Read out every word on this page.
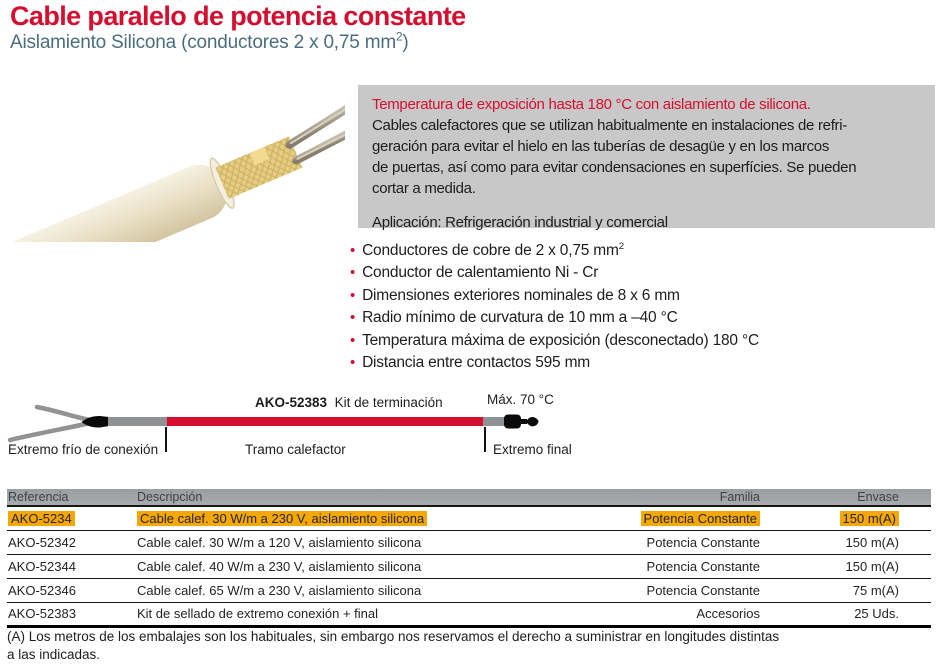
Cable paralelo de potencia constante
Aislamiento Silicona (conductores 2 x 0,75 $mm^2$)
Temperatura de exposición hasta 180 °C con aislamiento de silicona.
Cables calefactores que se utilizan habitualmente en instalaciones de refri-
geración para evitar el hielo en las tuberías de desagüe y en los marcos
de puertas, así como para evitar condensaciones en superfícies. Se pueden
cortar a medida.
Aplicación: Refrigeración industrial y comercial
• Conductores de cobre de 2 x 0,75 $mm^2$
• Conductor de calentamiento Ni - Cr
• Dimensiones exteriores nominales de 8 x 6 mm
• Radio mínimo de curvatura de 10 mm a –40 °C
• Temperatura máxima de exposición (desconectado) 180 °C
• Distancia entre contactos 595 mm
AKO-52383 Kit de terminación	Máx. 70 °C
Extremo frío de conexión	Tramo calefactor	Extremo final
Referencia	Descripción	Familia	Envase
AKO-5234	Cable calef. 30 W/m a 230 V, aislamiento silicona	Potencia Constante	150 m(A)
AKO-52342	Cable calef. 30 W/m a 120 V, aislamiento silicona	Potencia Constante	150 m(A)
AKO-52344	Cable calef. 40 W/m a 230 V, aislamiento silicona	Potencia Constante	150 m(A)
AKO-52346	Cable calef. 65 W/m a 230 V, aislamiento silicona	Potencia Constante	75 m(A)
AKO-52383	Kit de sellado de extremo conexión + final	Accesorios	25 Uds.
(A) Los metros de los embalajes son los habituales, sin embargo nos reservamos el derecho a suministrar en longitudes distintas
a las indicadas.
